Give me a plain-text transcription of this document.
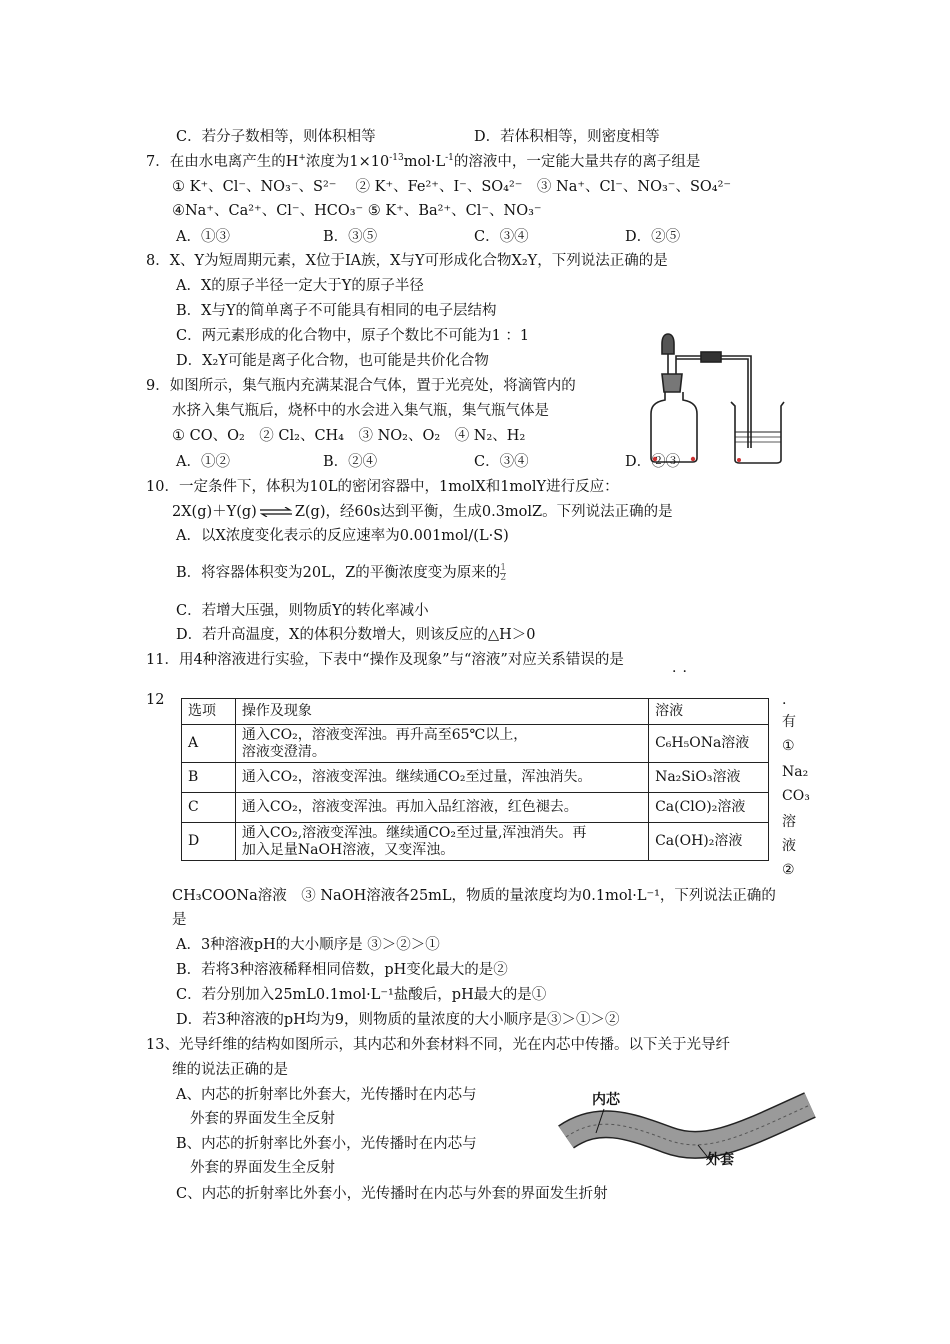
C．若分子数相等，则体积相等	D．若体积相等，则密度相等
7．在由水电离产生的H+浓度为$1\times 10^{-13}mol\cdot L^{-1}$的溶液中，一定能大量共存的离子组是
① K⁺、Cl⁻、NO₃⁻、S²⁻　 ② K⁺、Fe²⁺、I⁻、SO₄²⁻　③ Na⁺、Cl⁻、NO₃⁻、SO₄²⁻
④Na⁺、Ca²⁺、Cl⁻、HCO₃⁻ ⑤ K⁺、Ba²⁺、Cl⁻、NO₃⁻
A．①③	B．③⑤	C．③④	D．②⑤
8．X、Y为短周期元素，X位于IA族，X与Y可形成化合物X₂Y，下列说法正确的是
A．X的原子半径一定大于Y的原子半径
B．X与Y的简单离子不可能具有相同的电子层结构
C．两元素形成的化合物中，原子个数比不可能为1 ：1
D．X₂Y可能是离子化合物，也可能是共价化合物
9．如图所示，集气瓶内充满某混合气体，置于光亮处，将滴管内的
水挤入集气瓶后，烧杯中的水会进入集气瓶，集气瓶气体是
① CO、O₂　② Cl₂、CH₄　③ NO₂、O₂　④ N₂、H₂
A．①②	B．②④	C．③④	D．②③
10．一定条件下，体积为10L的密闭容器中，1molX和1molY进行反应：
2X(g)＋Y(g) ⇌ Z(g)，经60s达到平衡，生成0.3molZ。下列说法正确的是
A．以X浓度变化表示的反应速率为0.001mol/(L·S)
B．将容器体积变为20L，Z的平衡浓度变为原来的 $\frac{1}{2}$
C．若增大压强，则物质Y的转化率减小
D．若升高温度，X的体积分数增大，则该反应的△H＞0
11．用4种溶液进行实验，下表中“操作及现象”与“溶液”对应关系错误的是
··
12
选项	操作及现象	溶液
A	通入CO₂，溶液变浑浊。再升高至65℃以上，
溶液变澄清。	C₆H₅ONa溶液
B	通入CO₂，溶液变浑浊。继续通CO₂至过量，浑浊消失。	Na₂SiO₃溶液
C	通入CO₂，溶液变浑浊。再加入品红溶液，红色褪去。	Ca(ClO)₂溶液
D	通入CO₂,溶液变浑浊。继续通CO₂至过量,浑浊消失。再
加入足量NaOH溶液，又变浑浊。	Ca(OH)₂溶液
.
有
①
Na₂
CO₃
溶
液
②
CH₃COONa溶液　③ NaOH溶液各25mL，物质的量浓度均为0.1mol·L⁻¹，下列说法正确的
是
A．3种溶液pH的大小顺序是 ③＞②＞①
B．若将3种溶液稀释相同倍数，pH变化最大的是②
C．若分别加入25mL0.1mol·L⁻¹盐酸后，pH最大的是①
D．若3种溶液的pH均为9，则物质的量浓度的大小顺序是③＞①＞②
13、光导纤维的结构如图所示，其内芯和外套材料不同，光在内芯中传播。以下关于光导纤
维的说法正确的是
A、内芯的折射率比外套大，光传播时在内芯与
外套的界面发生全反射
B、内芯的折射率比外套小，光传播时在内芯与
外套的界面发生全反射
C、内芯的折射率比外套小，光传播时在内芯与外套的界面发生折射
内芯
外套
